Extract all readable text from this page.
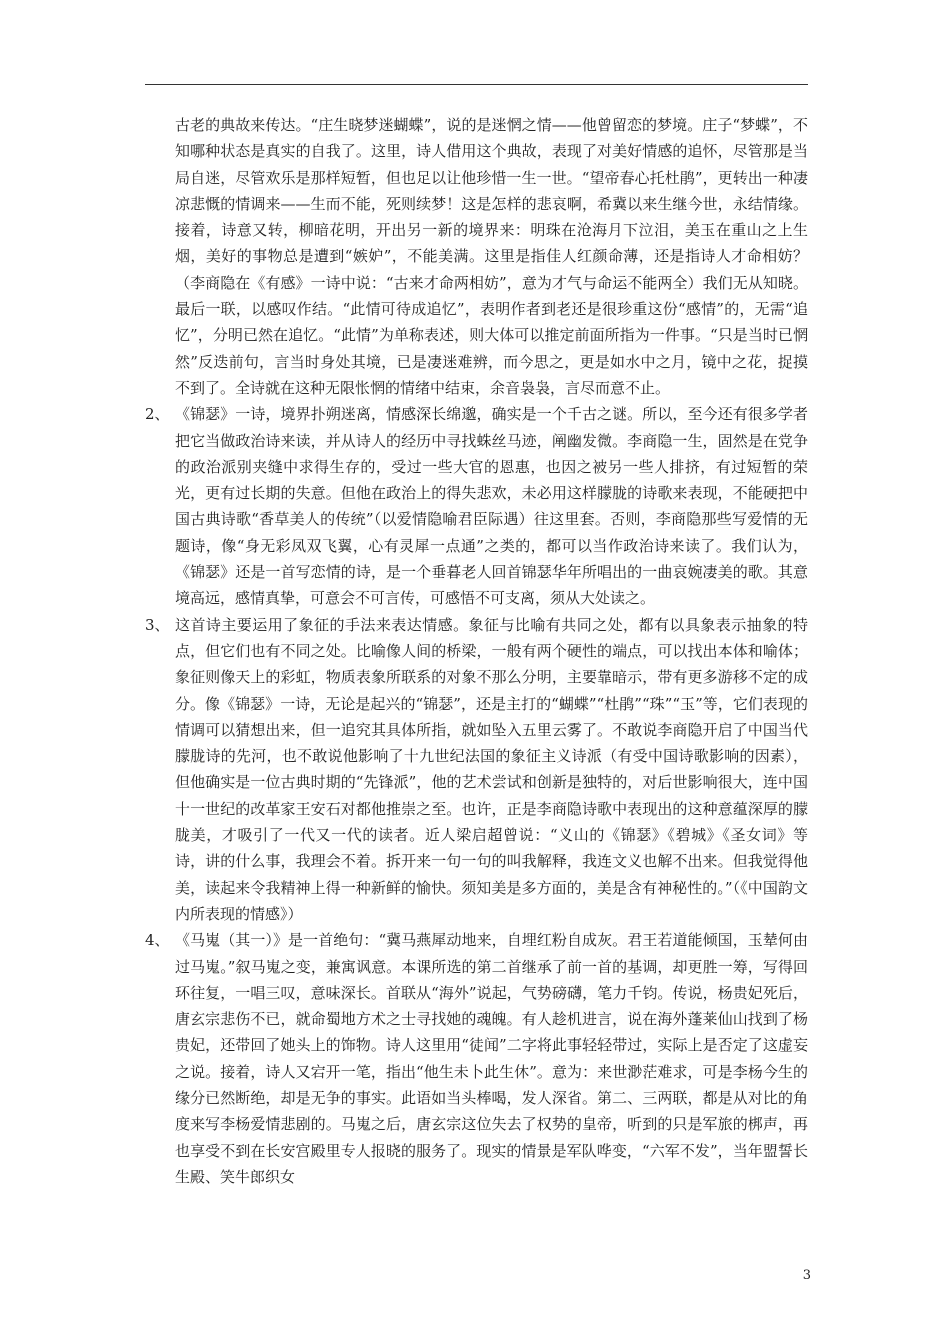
古老的典故来传达。“庄生晓梦迷蝴蝶”，说的是迷惘之情——他曾留恋的梦境。庄子“梦蝶”，不知哪种状态是真实的自我了。这里，诗人借用这个典故，表现了对美好情感的追怀，尽管那是当局自迷，尽管欢乐是那样短暂，但也足以让他珍惜一生一世。“望帝春心托杜鹃”，更转出一种凄凉悲慨的情调来——生而不能，死则续梦！这是怎样的悲哀啊，希冀以来生继今世，永结情缘。接着，诗意又转，柳暗花明，开出另一新的境界来：明珠在沧海月下泣泪，美玉在重山之上生烟，美好的事物总是遭到“嫉妒”，不能美满。这里是指佳人红颜命薄，还是指诗人才命相妨？（李商隐在《有感》一诗中说：“古来才命两相妨”，意为才气与命运不能两全）我们无从知晓。最后一联，以感叹作结。“此情可待成追忆”，表明作者到老还是很珍重这份“感情”的，无需“追忆”，分明已然在追忆。“此情”为单称表述，则大体可以推定前面所指为一件事。“只是当时已惘然”反迭前句，言当时身处其境，已是凄迷难辨，而今思之，更是如水中之月，镜中之花，捉摸不到了。全诗就在这种无限怅惘的情绪中结束，余音袅袅，言尽而意不止。

2、 《锦瑟》一诗，境界扑朔迷离，情感深长绵邈，确实是一个千古之谜。所以，至今还有很多学者把它当做政治诗来读，并从诗人的经历中寻找蛛丝马迹，阐幽发微。李商隐一生，固然是在党争的政治派别夹缝中求得生存的，受过一些大官的恩惠，也因之被另一些人排挤，有过短暂的荣光，更有过长期的失意。但他在政治上的得失悲欢，未必用这样朦胧的诗歌来表现，不能硬把中国古典诗歌“香草美人的传统”（以爱情隐喻君臣际遇）往这里套。否则，李商隐那些写爱情的无题诗，像“身无彩凤双飞翼，心有灵犀一点通”之类的，都可以当作政治诗来读了。我们认为，《锦瑟》还是一首写恋情的诗，是一个垂暮老人回首锦瑟华年所唱出的一曲哀婉凄美的歌。其意境高远，感情真挚，可意会不可言传，可感悟不可支离，须从大处读之。
3、 这首诗主要运用了象征的手法来表达情感。象征与比喻有共同之处，都有以具象表示抽象的特点，但它们也有不同之处。比喻像人间的桥梁，一般有两个硬性的端点，可以找出本体和喻体；象征则像天上的彩虹，物质表象所联系的对象不那么分明，主要靠暗示，带有更多游移不定的成分。像《锦瑟》一诗，无论是起兴的“锦瑟”，还是主打的“蝴蝶”“杜鹃”“珠”“玉”等，它们表现的情调可以猜想出来，但一追究其具体所指，就如坠入五里云雾了。不敢说李商隐开启了中国当代朦胧诗的先河，也不敢说他影响了十九世纪法国的象征主义诗派（有受中国诗歌影响的因素），但他确实是一位古典时期的“先锋派”，他的艺术尝试和创新是独特的，对后世影响很大，连中国十一世纪的改革家王安石对都他推崇之至。也许，正是李商隐诗歌中表现出的这种意蕴深厚的朦胧美，才吸引了一代又一代的读者。近人梁启超曾说：“义山的《锦瑟》《碧城》《圣女词》等诗，讲的什么事，我理会不着。拆开来一句一句的叫我解释，我连文义也解不出来。但我觉得他美，读起来令我精神上得一种新鲜的愉快。须知美是多方面的，美是含有神秘性的。”（《中国韵文内所表现的情感》）
4、 《马嵬（其一）》是一首绝句：“冀马燕犀动地来，自埋红粉自成灰。君王若道能倾国，玉辇何由过马嵬。”叙马嵬之变，兼寓讽意。本课所选的第二首继承了前一首的基调，却更胜一筹，写得回环往复，一唱三叹，意味深长。首联从“海外”说起，气势磅礴，笔力千钧。传说，杨贵妃死后，唐玄宗悲伤不已，就命蜀地方术之士寻找她的魂魄。有人趁机进言，说在海外蓬莱仙山找到了杨贵妃，还带回了她头上的饰物。诗人这里用“徒闻”二字将此事轻轻带过，实际上是否定了这虚妄之说。接着，诗人又宕开一笔，指出“他生未卜此生休”。意为：来世渺茫难求，可是李杨今生的缘分已然断绝，却是无争的事实。此语如当头棒喝，发人深省。第二、三两联，都是从对比的角度来写李杨爱情悲剧的。马嵬之后，唐玄宗这位失去了权势的皇帝，听到的只是军旅的梆声，再也享受不到在长安宫殿里专人报晓的服务了。现实的情景是军队哗变，“六军不发”，当年盟誓长生殿、笑牛郎织女
3
